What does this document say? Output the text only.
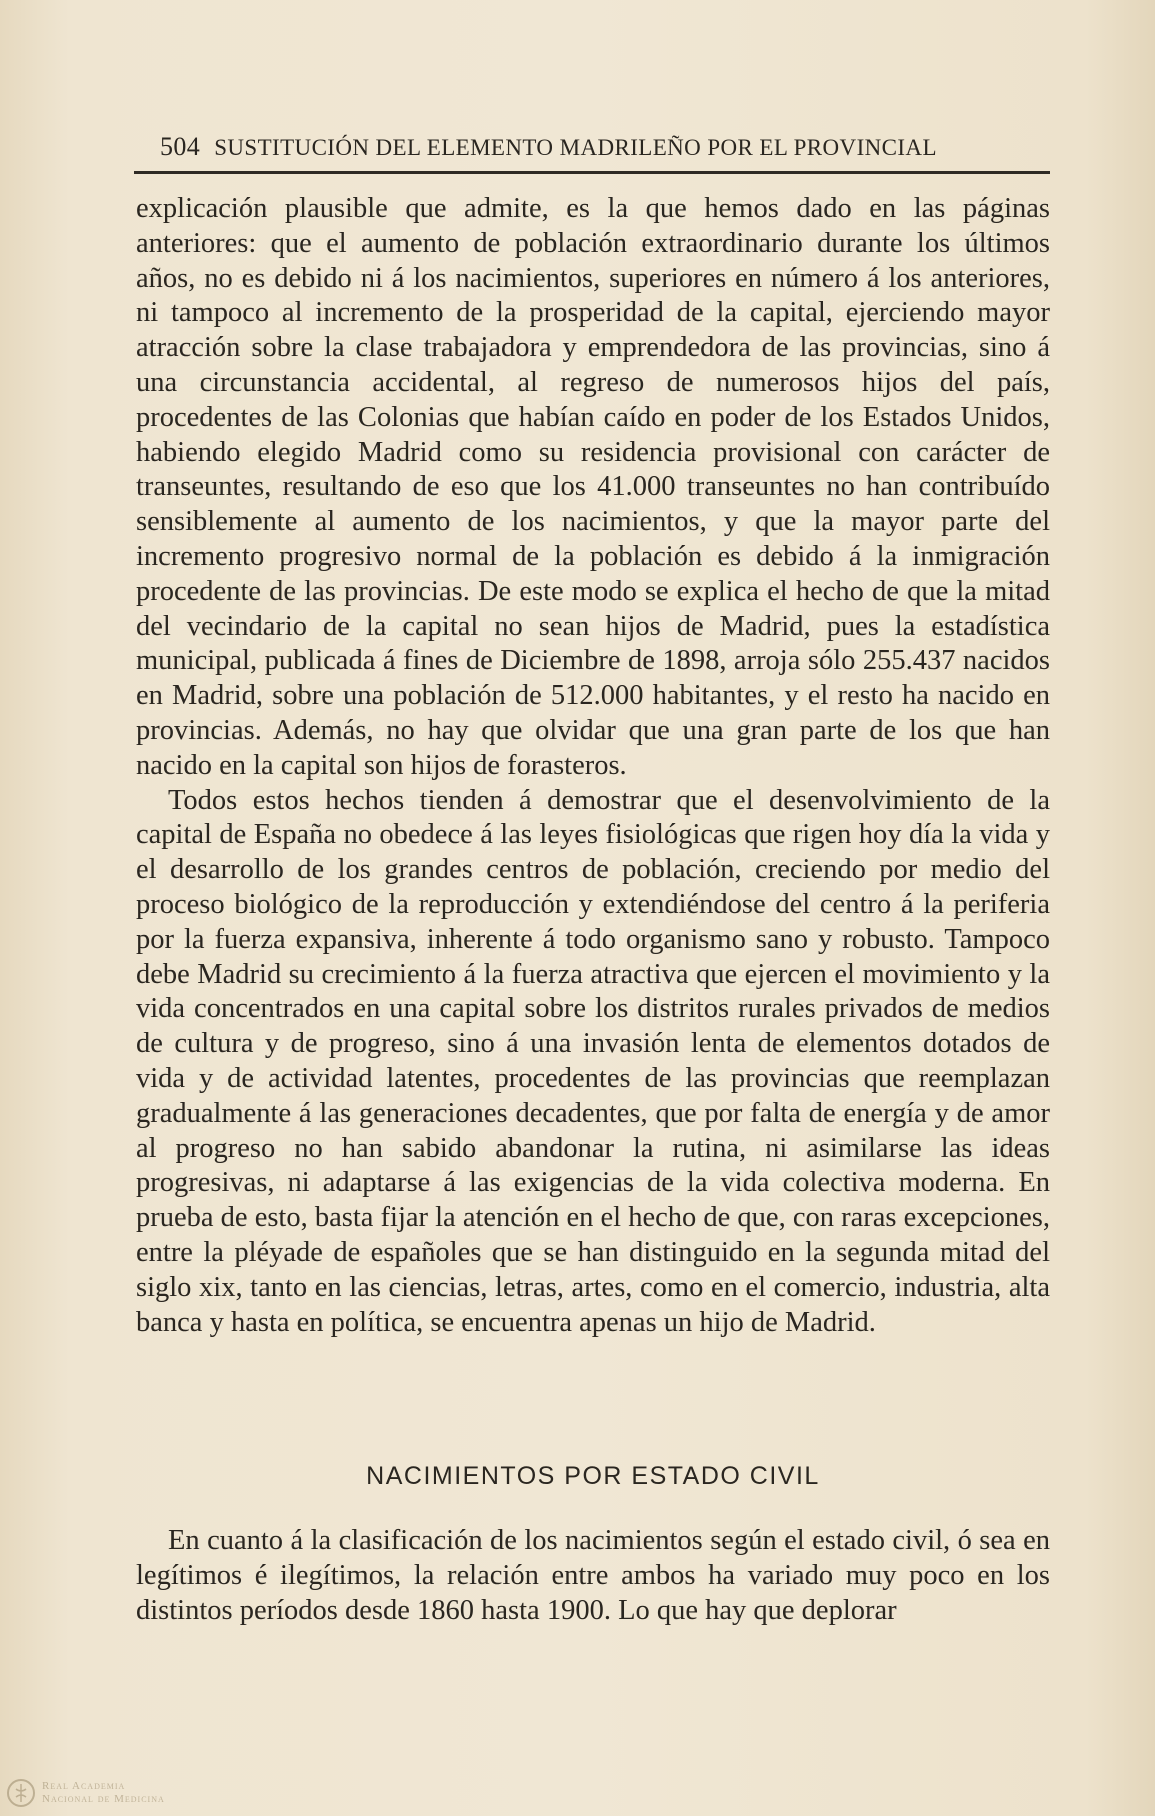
504 SUSTITUCIÓN DEL ELEMENTO MADRILEÑO POR EL PROVINCIAL

explicación plausible que admite, es la que hemos dado en las páginas anteriores: que el aumento de población extraordinario durante los últimos años, no es debido ni á los nacimientos, superiores en número á los anteriores, ni tampoco al incremento de la prosperidad de la capital, ejerciendo mayor atracción sobre la clase trabajadora y emprendedora de las provincias, sino á una circunstancia accidental, al regreso de numerosos hijos del país, procedentes de las Colonias que habían caído en poder de los Estados Unidos, habiendo elegido Madrid como su residencia provisional con carácter de transeuntes, resultando de eso que los 41.000 transeuntes no han contribuído sensiblemente al aumento de los nacimientos, y que la mayor parte del incremento progresivo normal de la población es debido á la inmigración procedente de las provincias. De este modo se explica el hecho de que la mitad del vecindario de la capital no sean hijos de Madrid, pues la estadística municipal, publicada á fines de Diciembre de 1898, arroja sólo 255.437 nacidos en Madrid, sobre una población de 512.000 habitantes, y el resto ha nacido en provincias. Además, no hay que olvidar que una gran parte de los que han nacido en la capital son hijos de forasteros.

Todos estos hechos tienden á demostrar que el desenvolvimiento de la capital de España no obedece á las leyes fisiológicas que rigen hoy día la vida y el desarrollo de los grandes centros de población, creciendo por medio del proceso biológico de la reproducción y extendiéndose del centro á la periferia por la fuerza expansiva, inherente á todo organismo sano y robusto. Tampoco debe Madrid su crecimiento á la fuerza atractiva que ejercen el movimiento y la vida concentrados en una capital sobre los distritos rurales privados de medios de cultura y de progreso, sino á una invasión lenta de elementos dotados de vida y de actividad latentes, procedentes de las provincias que reemplazan gradualmente á las generaciones decadentes, que por falta de energía y de amor al progreso no han sabido abandonar la rutina, ni asimilarse las ideas progresivas, ni adaptarse á las exigencias de la vida colectiva moderna. En prueba de esto, basta fijar la atención en el hecho de que, con raras excepciones, entre la pléyade de españoles que se han distinguido en la segunda mitad del siglo xix, tanto en las ciencias, letras, artes, como en el comercio, industria, alta banca y hasta en política, se encuentra apenas un hijo de Madrid.

NACIMIENTOS POR ESTADO CIVIL

En cuanto á la clasificación de los nacimientos según el estado civil, ó sea en legítimos é ilegítimos, la relación entre ambos ha variado muy poco en los distintos períodos desde 1860 hasta 1900. Lo que hay que deplorar

Real Academia
Nacional de Medicina
